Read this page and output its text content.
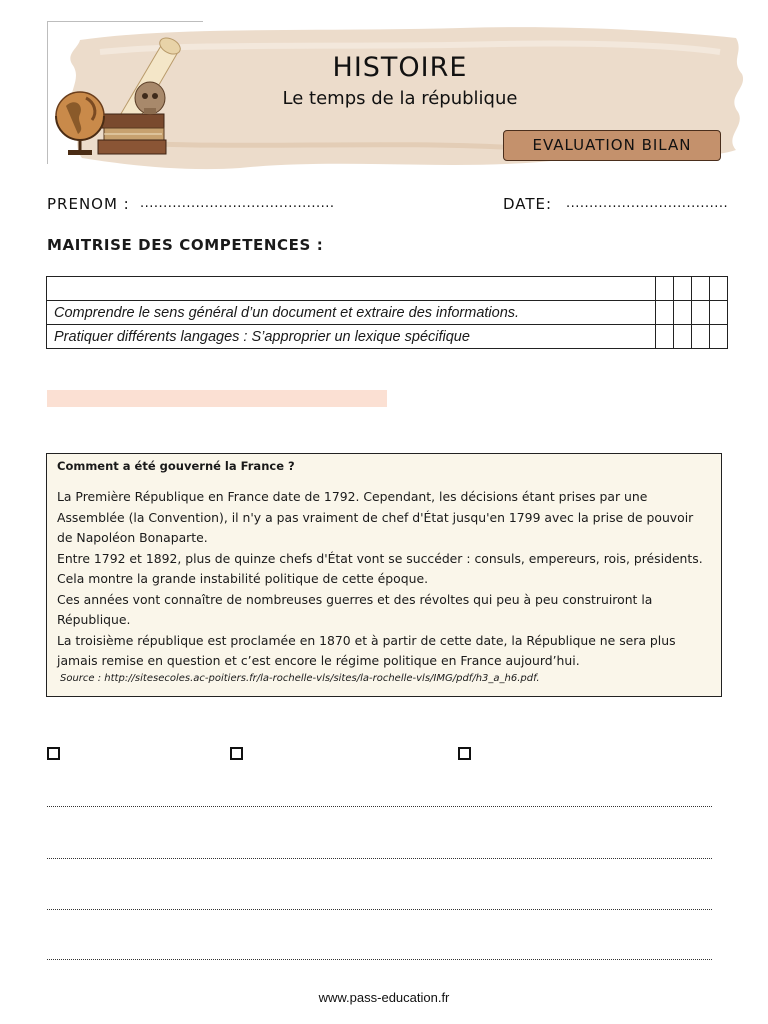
HISTOIRE
Le temps de la république
EVALUATION BILAN
PRENOM : ..........................................	DATE: ...................................
MAITRISE DES COMPETENCES :

Comprendre le sens général d’un document et extraire des informations.				
Pratiquer différents langages : S’approprier un lexique spécifique				

Comment a été gouverné la France ?

La Première République en France date de 1792. Cependant, les décisions étant prises par une Assemblée (la Convention), il n'y a pas vraiment de chef d'État jusqu'en 1799 avec la prise de pouvoir de Napoléon Bonaparte.
Entre 1792 et 1892, plus de quinze chefs d'État vont se succéder : consuls, empereurs, rois, présidents.
Cela montre la grande instabilité politique de cette époque.
Ces années vont connaître de nombreuses guerres et des révoltes qui peu à peu construiront la République.
La troisième république est proclamée en 1870 et à partir de cette date, la République ne sera plus jamais remise en question et c’est encore le régime politique en France aujourd’hui.

Source : http://sitesecoles.ac-poitiers.fr/la-rochelle-vls/sites/la-rochelle-vls/IMG/pdf/h3_a_h6.pdf.

www.pass-education.fr
